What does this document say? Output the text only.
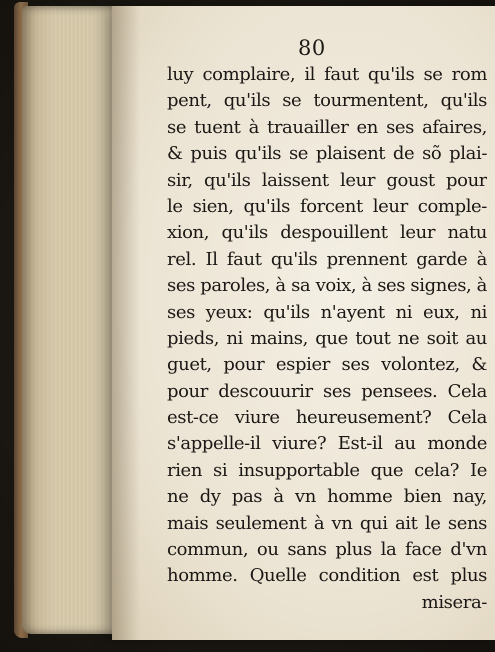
80
luy complaire, il faut qu'ils se rom
pent, qu'ils se tourmentent, qu'ils
se tuent à trauailler en ses afaires,
& puis qu'ils se plaisent de sõ plai-
sir, qu'ils laissent leur goust pour
le sien, qu'ils forcent leur comple-
xion, qu'ils despouillent leur natu
rel. Il faut qu'ils prennent garde à
ses paroles, à sa voix, à ses signes, à
ses yeux: qu'ils n'ayent ni eux, ni
pieds, ni mains, que tout ne soit au
guet, pour espier ses volontez, &
pour descouurir ses pensees. Cela
est-ce viure heureusement? Cela
s'appelle-il viure? Est-il au monde
rien si insupportable que cela? Ie
ne dy pas à vn homme bien nay,
mais seulement à vn qui ait le sens
commun, ou sans plus la face d'vn
homme. Quelle condition est plus
misera-
